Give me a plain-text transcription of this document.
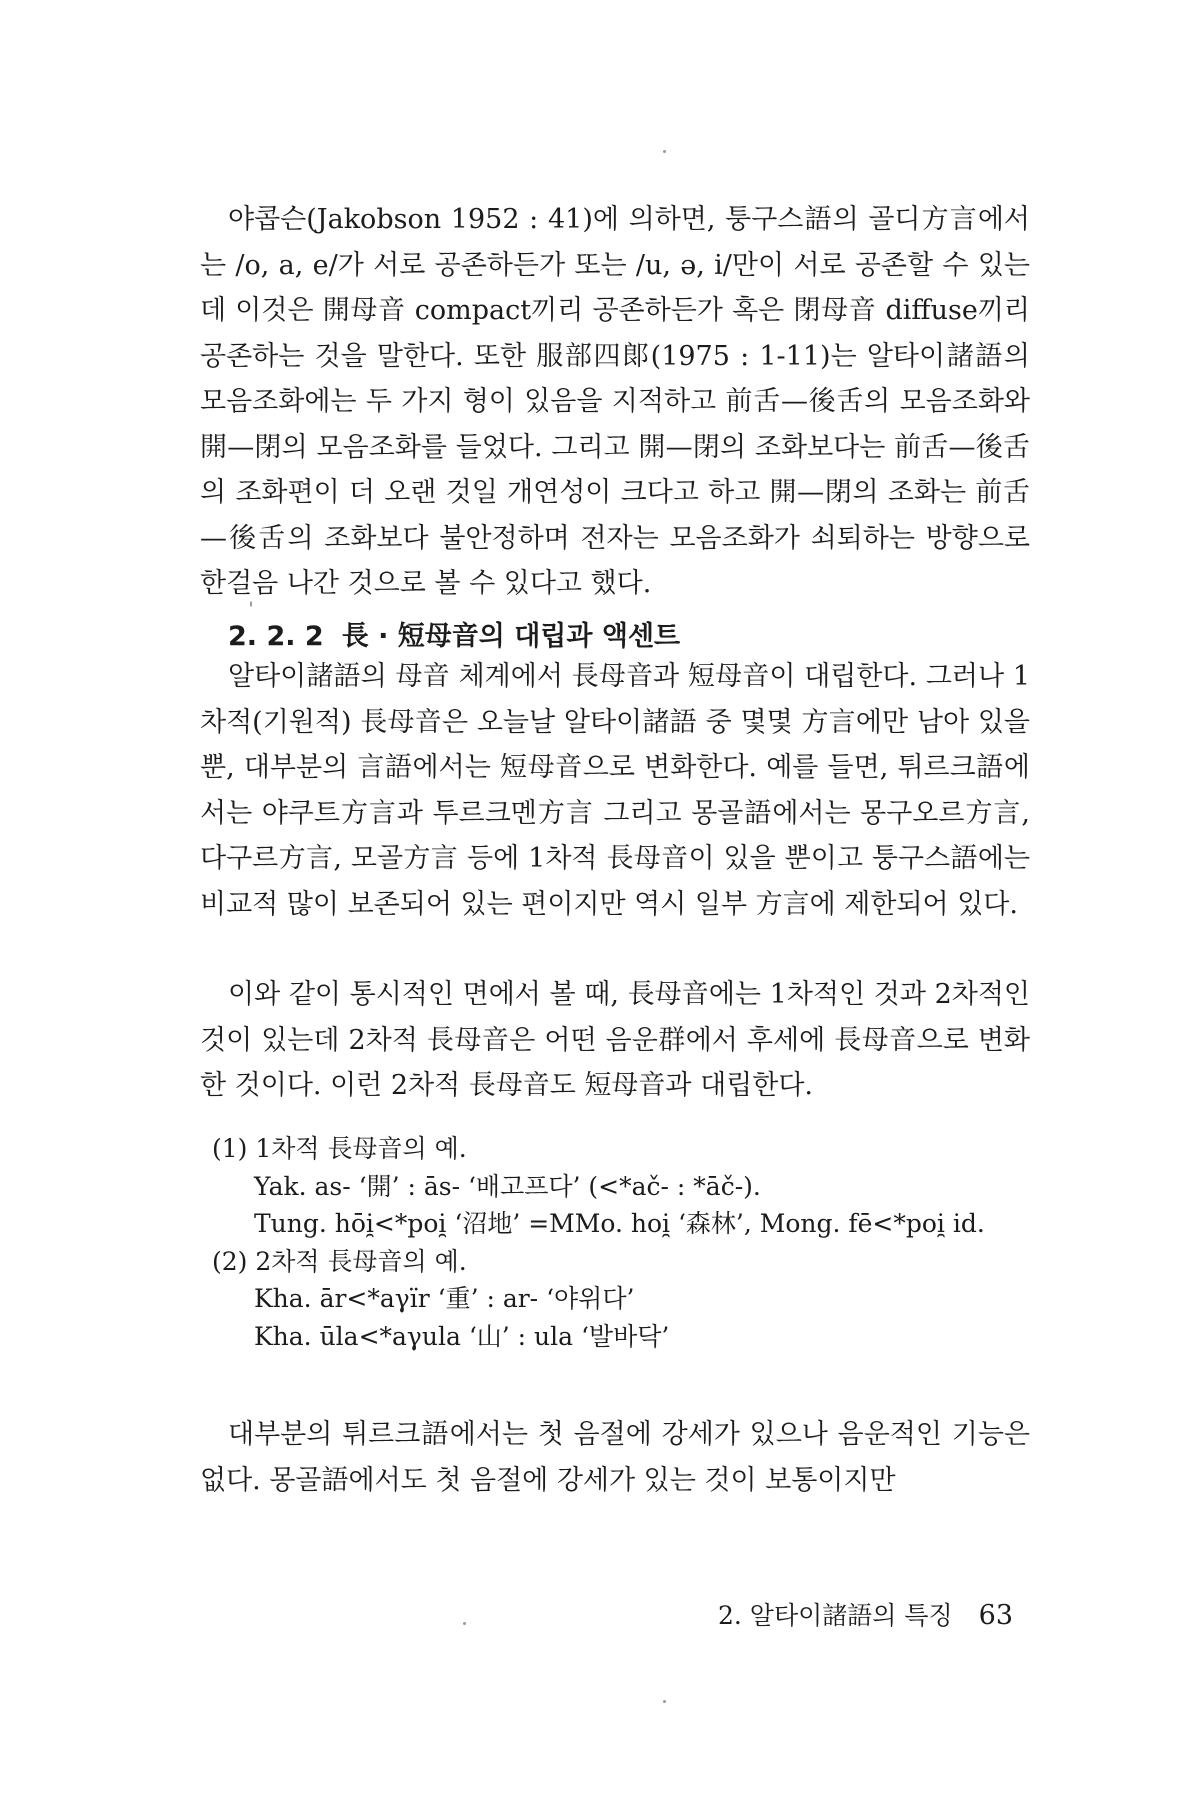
야콥슨(Jakobson 1952 : 41)에 의하면, 퉁구스語의 골디方言에서는 /o, a, e/가 서로 공존하든가 또는 /u, ə, i/만이 서로 공존할 수 있는데 이것은 開母音 compact끼리 공존하든가 혹은 閉母音 diffuse끼리 공존하는 것을 말한다. 또한 服部四郞(1975 : 1-11)는 알타이諸語의 모음조화에는 두 가지 형이 있음을 지적하고 前舌—後舌의 모음조화와 開—閉의 모음조화를 들었다. 그리고 開—閉의 조화보다는 前舌—後舌의 조화편이 더 오랜 것일 개연성이 크다고 하고 開—閉의 조화는 前舌—後舌의 조화보다 불안정하며 전자는 모음조화가 쇠퇴하는 방향으로 한걸음 나간 것으로 볼 수 있다고 했다.

2. 2. 2 長 · 短母音의 대립과 액센트

알타이諸語의 母音 체계에서 長母音과 短母音이 대립한다. 그러나 1차적(기원적) 長母音은 오늘날 알타이諸語 중 몇몇 方言에만 남아 있을 뿐, 대부분의 言語에서는 短母音으로 변화한다. 예를 들면, 튀르크語에서는 야쿠트方言과 투르크멘方言 그리고 몽골語에서는 몽구오르方言, 다구르方言, 모골方言 등에 1차적 長母音이 있을 뿐이고 퉁구스語에는 비교적 많이 보존되어 있는 편이지만 역시 일부 方言에 제한되어 있다.

이와 같이 통시적인 면에서 볼 때, 長母音에는 1차적인 것과 2차적인 것이 있는데 2차적 長母音은 어떤 음운群에서 후세에 長母音으로 변화한 것이다. 이런 2차적 長母音도 短母音과 대립한다.

(1) 1차적 長母音의 예.

Yak. as- ‘開’ : ās- ‘배고프다’ (<*ač- : *āč-).

Tung. hōi̯<*poi̯ ‘沼地’ =MMo. hoi̯ ‘森林’, Mong. fē<*poi̯ id.

(2) 2차적 長母音의 예.

Kha. ār<*aγïr ‘重’ : ar- ‘야위다’

Kha. ūla<*aγula ‘山’ : ula ‘발바닥’

대부분의 튀르크語에서는 첫 음절에 강세가 있으나 음운적인 기능은 없다. 몽골語에서도 첫 음절에 강세가 있는 것이 보통이지만

2. 알타이諸語의 특징 63
